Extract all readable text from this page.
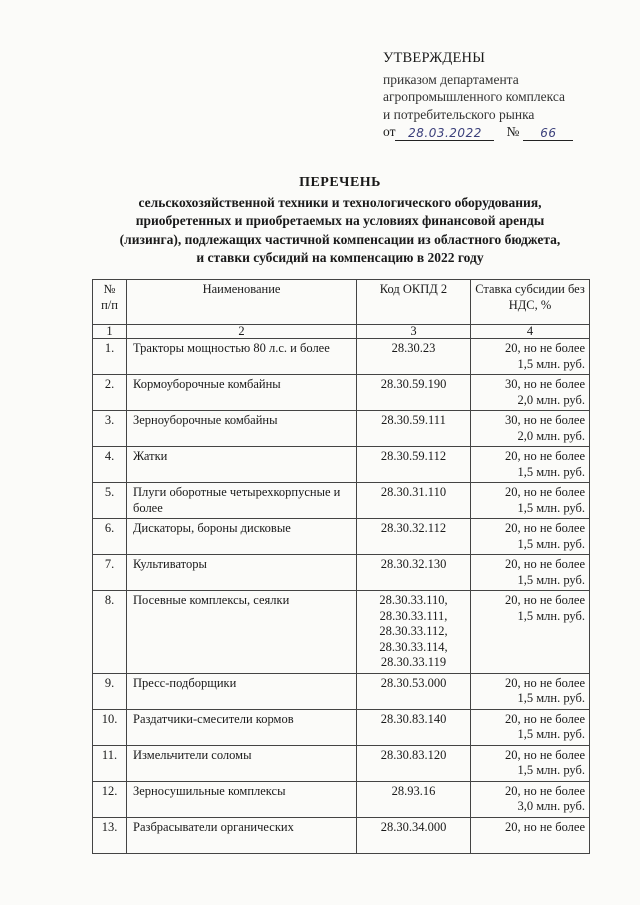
УТВЕРЖДЕНЫ
приказом департамента
агропромышленного комплекса
и потребительского рынка
от	28.03.2022	№	66
ПЕРЕЧЕНЬ
сельскохозяйственной техники и технологического оборудования,
приобретенных и приобретаемых на условиях финансовой аренды
(лизинга), подлежащих частичной компенсации из областного бюджета,
и ставки субсидий на компенсацию в 2022 году
№ п/п	Наименование	Код ОКПД 2	Ставка субсидии без НДС, %
1	2	3	4
1.	Тракторы мощностью 80 л.с. и более	28.30.23	20, но не более
1,5 млн. руб.

2.	Кормоуборочные комбайны	28.30.59.190	30, но не более
2,0 млн. руб.

3.	Зерноуборочные комбайны	28.30.59.111	30, но не более
2,0 млн. руб.

4.	Жатки	28.30.59.112	20, но не более
1,5 млн. руб.

5.	Плуги оборотные четырехкорпусные и более	28.30.31.110	20, но не более
1,5 млн. руб.

6.	Дискаторы, бороны дисковые	28.30.32.112	20, но не более
1,5 млн. руб.

7.	Культиваторы	28.30.32.130	20, но не более
1,5 млн. руб.

8.	Посевные комплексы, сеялки	28.30.33.110,
28.30.33.111,
28.30.33.112,
28.30.33.114,
28.30.33.119	20, но не более
1,5 млн. руб.

9.	Пресс-подборщики	28.30.53.000	20, но не более
1,5 млн. руб.

10.	Раздатчики-смесители кормов	28.30.83.140	20, но не более
1,5 млн. руб.

11.	Измельчители соломы	28.30.83.120	20, но не более
1,5 млн. руб.

12.	Зерносушильные комплексы	28.93.16	20, но не более
3,0 млн. руб.

13.	Разбрасыватели органических	28.30.34.000	20, но не более
